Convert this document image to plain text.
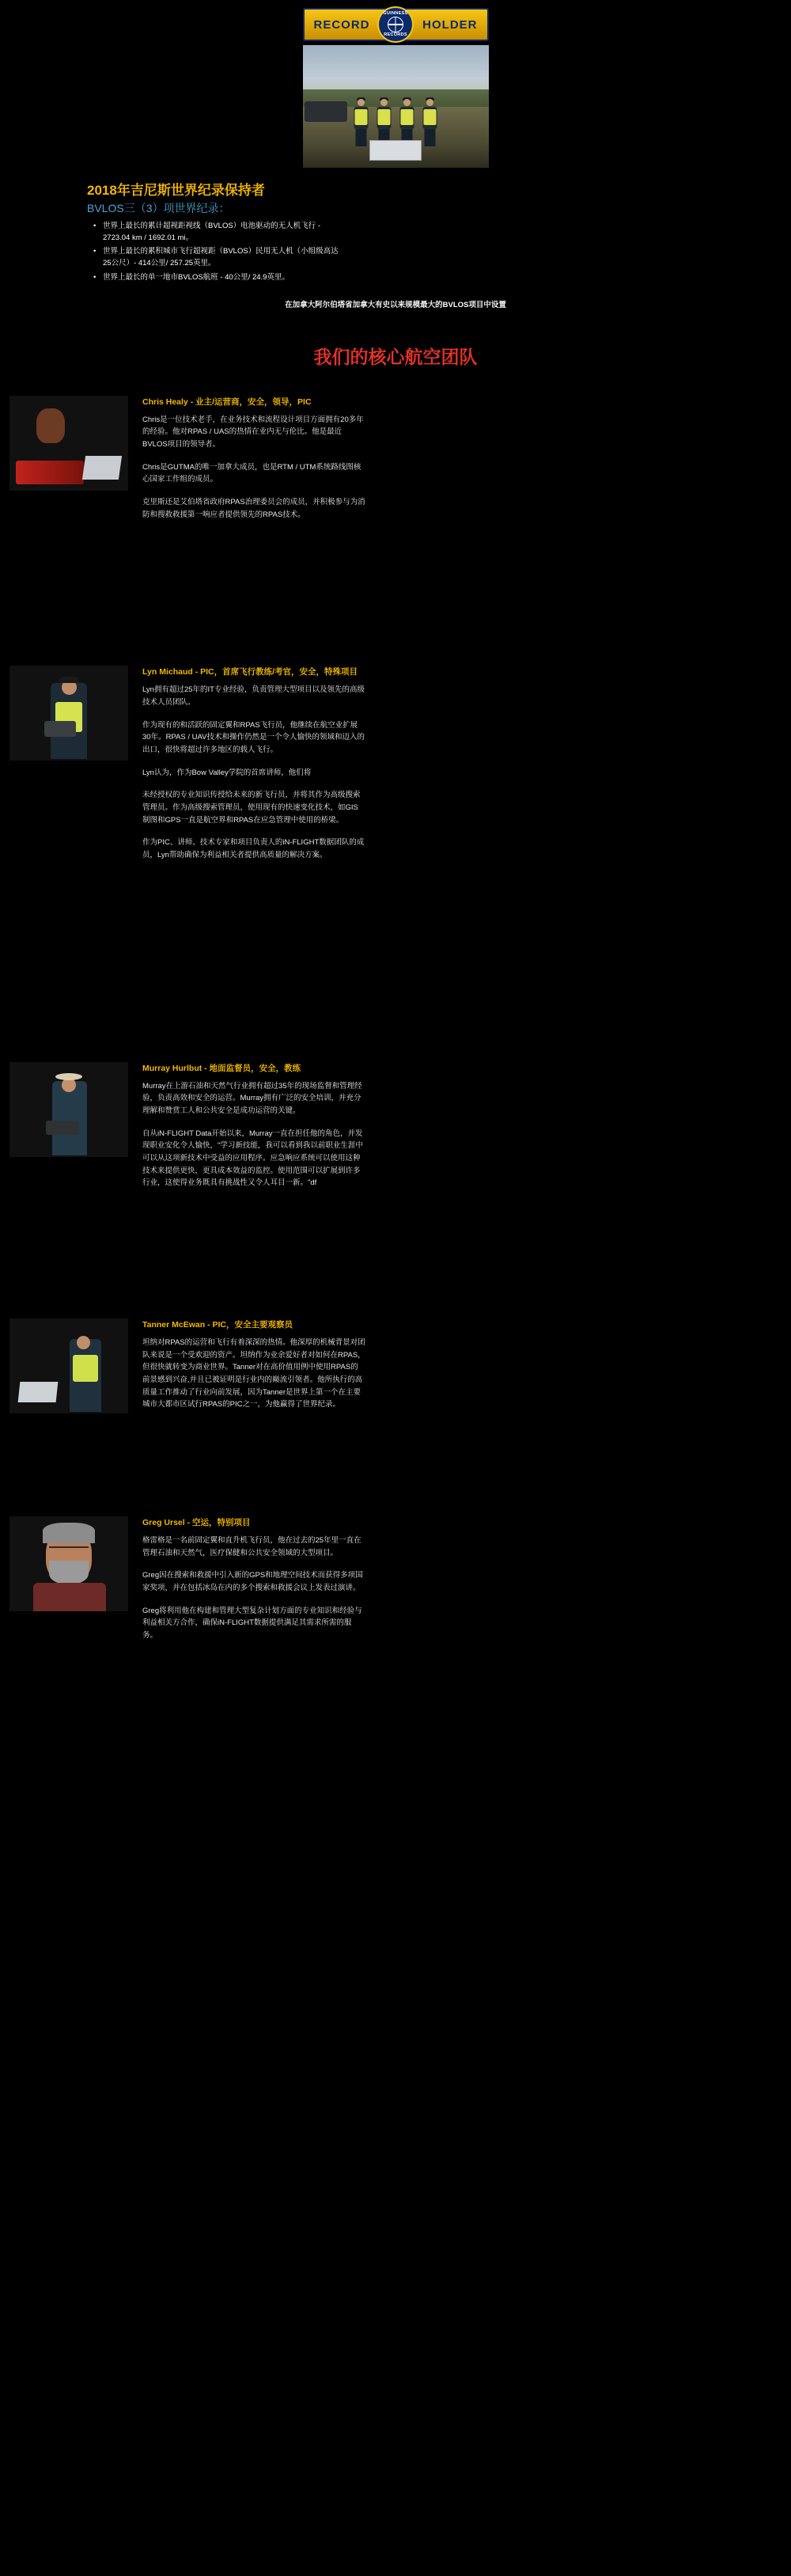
RECORD
GUINNESS
RECORDS
HOLDER
2018年吉尼斯世界纪录保持者
BVLOS三（3）项世界纪录：
• 世界上最长的累计超视距视线（BVLOS）电池驱动的无人机飞行 - 2723.04 km / 1692.01 mi。
• 世界上最长的累积城市飞行超视距（BVLOS）民用无人机（小组级高达25公尺）- 414公里/ 257.25英里。
• 世界上最长的单一地市BVLOS航班 - 40公里/ 24.9英里。
在加拿大阿尔伯塔省加拿大有史以来规模最大的BVLOS项目中设置
我们的核心航空团队
Chris Healy - 业主/运营商，安全，领导，PIC

Chris是一位技术老手，在业务技术和流程设计项目方面拥有20多年的经验。他对RPAS / UAS的热情在业内无与伦比。他是最近BVLOS项目的领导者。

Chris是GUTMA的唯一加拿大成员，也是RTM / UTM系统路线图核心国家工作组的成员。

克里斯还是艾伯塔省政府RPAS治理委员会的成员，并积极参与为消防和搜救救援第一响应者提供领先的RPAS技术。

Lyn Michaud - PIC，首席飞行教练/考官，安全，特殊项目

Lyn拥有超过25年的IT专业经验，负责管理大型项目以及领先的高级技术人员团队。

作为现有的和活跃的固定翼和RPAS飞行员，他继续在航空业扩展30年。RPAS / UAV技术和操作仍然是一个令人愉快的领域和迈入的出口，很快将超过许多地区的载人飞行。

Lyn认为，作为Bow Valley学院的首席讲师，他们将

未经授权的专业知识传授给未来的新飞行员，并将其作为高级搜索管理员。作为高级搜索管理员，使用现有的快速变化技术，如GIS制图和GPS一直是航空界和RPAS在应急管理中使用的桥梁。

作为PIC、讲师、技术专家和项目负责人的iN-FLIGHT数据团队的成员，Lyn帮助确保为利益相关者提供高质量的解决方案。

Murray Hurlbut - 地面监督员，安全，教练

Murray在上游石油和天然气行业拥有超过35年的现场监督和管理经验，负责高效和安全的运营。Murray拥有广泛的安全培训，并充分理解和赞赏工人和公共安全是成功运营的关键。

自从iN-FLIGHT Data开始以来，Murray一直在担任他的角色，并发现职业安化令人愉快，"学习新技能，我可以看到我以前职业生涯中可以从这项新技术中受益的应用程序。应急响应系统可以使用这种技术来提供更快，更具成本效益的监控。使用范围可以扩展到许多行业，这使得业务既具有挑战性又令人耳目一新。"df

Tanner McEwan - PIC，安全主要观察员

坦纳对RPAS的运营和飞行有着深深的热情。他深厚的机械背景对团队来说是一个受欢迎的资产。坦纳作为业余爱好者对如何在RPAS，但很快就转变为商业世界。Tanner对在高价值用例中使用RPAS的前景感到兴奋,并且已被证明是行业内的巅流引领者。他所执行的高质量工作推动了行业向前发展，因为Tanner是世界上第一个在主要城市大都市区试行RPAS的PIC之一，为他赢得了世界纪录。

Greg Ursel - 空运，特别项目

格雷格是一名前固定翼和直升机飞行员，他在过去的25年里一直在管理石油和天然气，医疗保健和公共安全领域的大型项目。

Greg因在搜索和救援中引入新的GPS和地理空间技术而获得多项国家奖项，并在包括冰岛在内的多个搜索和救援会议上发表过演讲。

Greg将利用他在构建和管理大型复杂计划方面的专业知识和经验与利益相关方合作，确保iN-FLIGHT数据提供满足其需求所需的服务。
